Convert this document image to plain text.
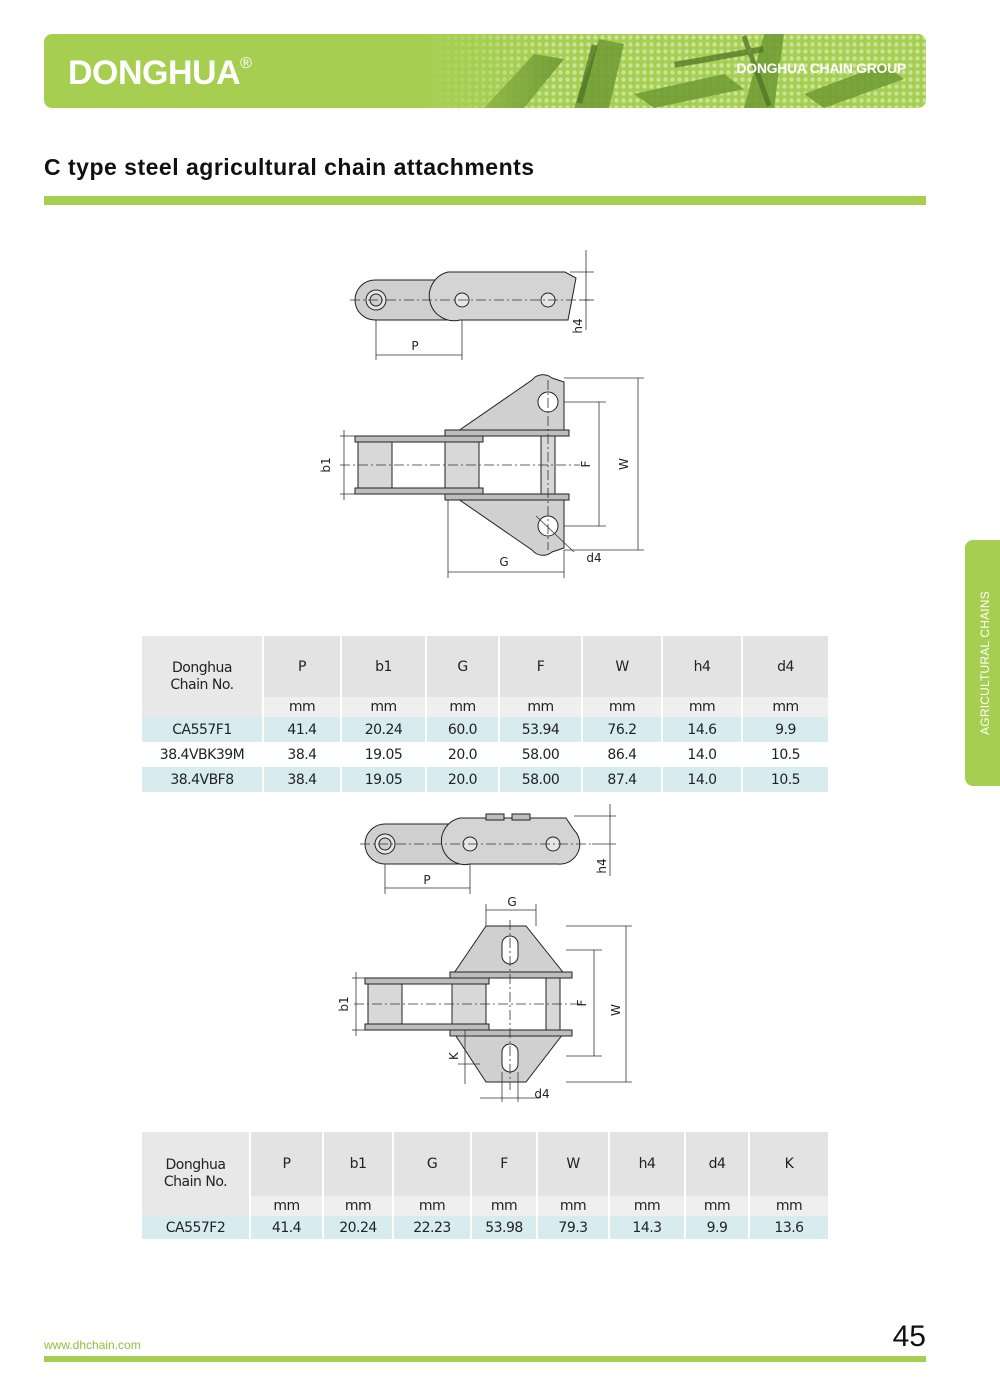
DONGHUA®	DONGHUA CHAIN GROUP
C type steel agricultural chain attachments
AGRICULTURAL CHAINS
P
h4
b1	F W
G	d4
Donghua
Chain No.	P	b1	G	F	W	h4	d4
	mm	mm	mm	mm	mm	mm	mm
CA557F1	41.4	20.24	60.0	53.94	76.2	14.6	9.9
38.4VBK39M	38.4	19.05	20.0	58.00	86.4	14.0	10.5
38.4VBF8	38.4	19.05	20.0	58.00	87.4	14.0	10.5
P
h4
b1	F
W
G
K
d4
Donghua
Chain No.	P	b1	G	F	W	h4	d4	K
	mm	mm	mm	mm	mm	mm	mm	mm
CA557F2	41.4	20.24	22.23	53.98	79.3	14.3	9.9	13.6
www.dhchain.com	45
